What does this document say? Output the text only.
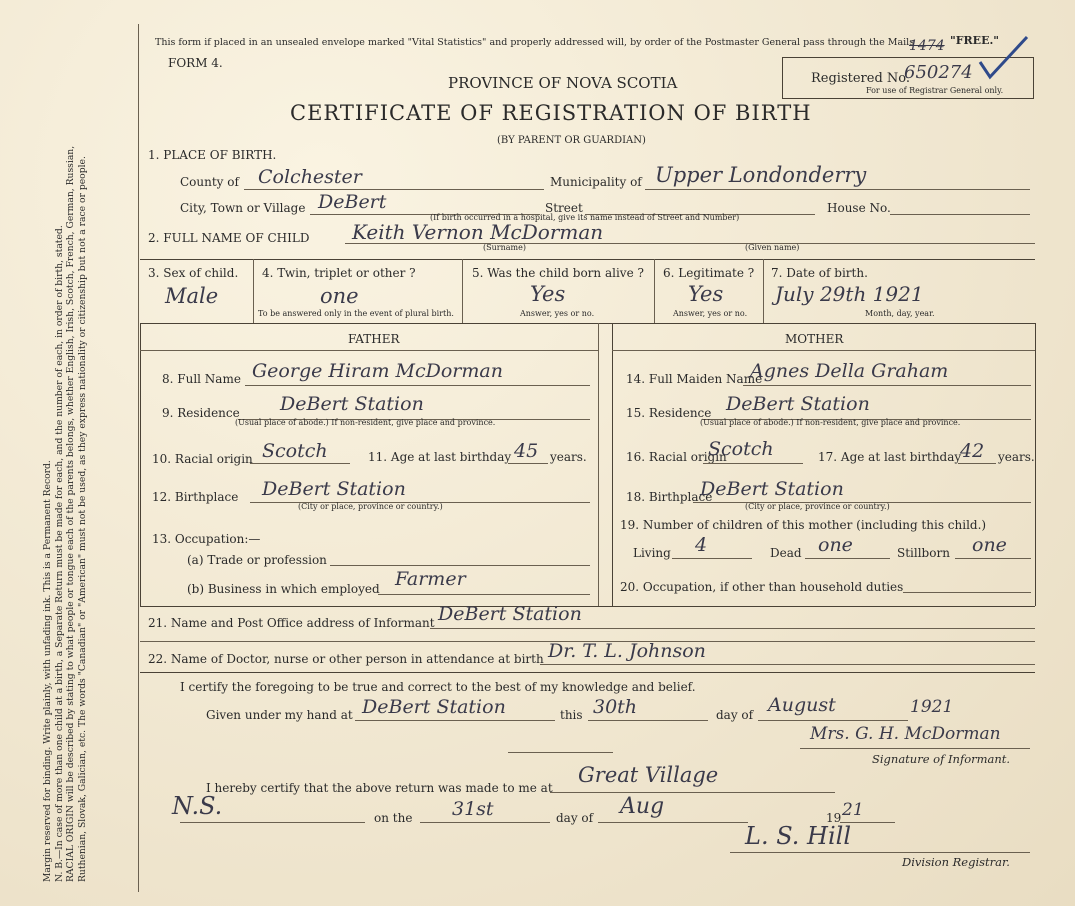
Margin reserved for binding. Write plainly, with unfading ink. This is a Permanent Record. N. B.—In case of more than one child at a birth, a Separate Return must be made for each, and the number of each, in order of birth, stated. RACIAL ORIGIN will be described by stating to what people or tongue each of the parents belongs, whether English, Irish, Scotch, French, German, Russian, Ruthenian, Slovak, Galician, etc. The words "Canadian" or "American" must not be used, as they express nationality or citizenship but not a race or people.

This form if placed in an unsealed envelope marked "Vital Statistics" and properly addressed will, by order of the Postmaster General pass through the Mails	"FREE."
FORM 4.
PROVINCE OF NOVA SCOTIA
CERTIFICATE OF REGISTRATION OF BIRTH
(BY PARENT OR GUARDIAN)
Registered No.
650274
1474
For use of Registrar General only.
1. PLACE OF BIRTH.
County of Colchester	Municipality of Upper Londonderry
City, Town or Village DeBert	Street	House No.
(If birth occurred in a hospital, give its name instead of Street and Number)
2. FULL NAME OF CHILD Keith Vernon McDorman
(Surname)	(Given name)
3. Sex of child.
Male
4. Twin, triplet or other ?
one
To be answered only in the event of plural birth.
5. Was the child born alive ?
Yes
Answer, yes or no.
6. Legitimate ?
Yes
Answer, yes or no.
7. Date of birth.
July 29th 1921
Month, day, year.
FATHER	MOTHER
8. Full Name George Hiram McDorman
9. Residence DeBert Station
(Usual place of abode.) If non-resident, give place and province.
10. Racial origin Scotch	11. Age at last birthday 45 years.
12. Birthplace DeBert Station
(City or place, province or country.)
13. Occupation:—
(a) Trade or profession
(b) Business in which employed Farmer
14. Full Maiden Name
Agnes Della Graham
15. Residence DeBert Station
(Usual place of abode.) If non-resident, give place and province.
16. Racial origin
Scotch	17. Age at last birthday
42 years.
18. Birthplace
DeBert Station
(City or place, province or country.)
19. Number of children of this mother (including this child.)
Living 4	Dead one	Stillborn one
20. Occupation, if other than household duties
21. Name and Post Office address of Informant DeBert Station
22. Name of Doctor, nurse or other person in attendance at birth Dr. T. L. Johnson
I certify the foregoing to be true and correct to the best of my knowledge and belief.
Given under my hand at DeBert Station	this 30th	day of August	1921
Mrs. G. H. McDorman
Signature of Informant.
I hereby certify that the above return was made to me at
Great Village
N.S.	on the 31st	day of Aug	19 21
L. S. Hill
Division Registrar.
